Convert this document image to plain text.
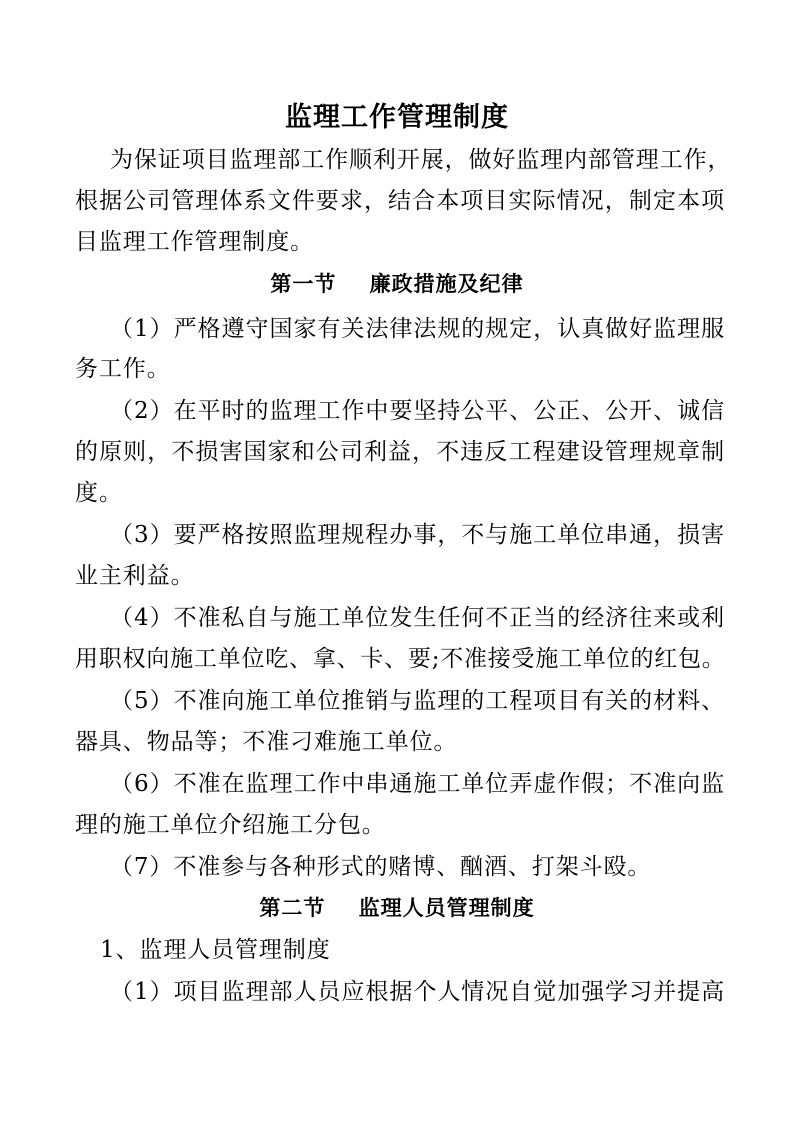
监理工作管理制度
为保证项目监理部工作顺利开展，做好监理内部管理工作，
根据公司管理体系文件要求，结合本项目实际情况，制定本项
目监理工作管理制度。
第一节    廉政措施及纪律
（1）严格遵守国家有关法律法规的规定，认真做好监理服
务工作。
（2）在平时的监理工作中要坚持公平、公正、公开、诚信
的原则，不损害国家和公司利益，不违反工程建设管理规章制
度。
（3）要严格按照监理规程办事，不与施工单位串通，损害
业主利益。
（4）不准私自与施工单位发生任何不正当的经济往来或利
用职权向施工单位吃、拿、卡、要;不准接受施工单位的红包。
（5）不准向施工单位推销与监理的工程项目有关的材料、
器具、物品等；不准刁难施工单位。
（6）不准在监理工作中串通施工单位弄虚作假；不准向监
理的施工单位介绍施工分包。
（7）不准参与各种形式的赌博、酗酒、打架斗殴。
第二节    监理人员管理制度
1、监理人员管理制度
（1）项目监理部人员应根据个人情况自觉加强学习并提高
